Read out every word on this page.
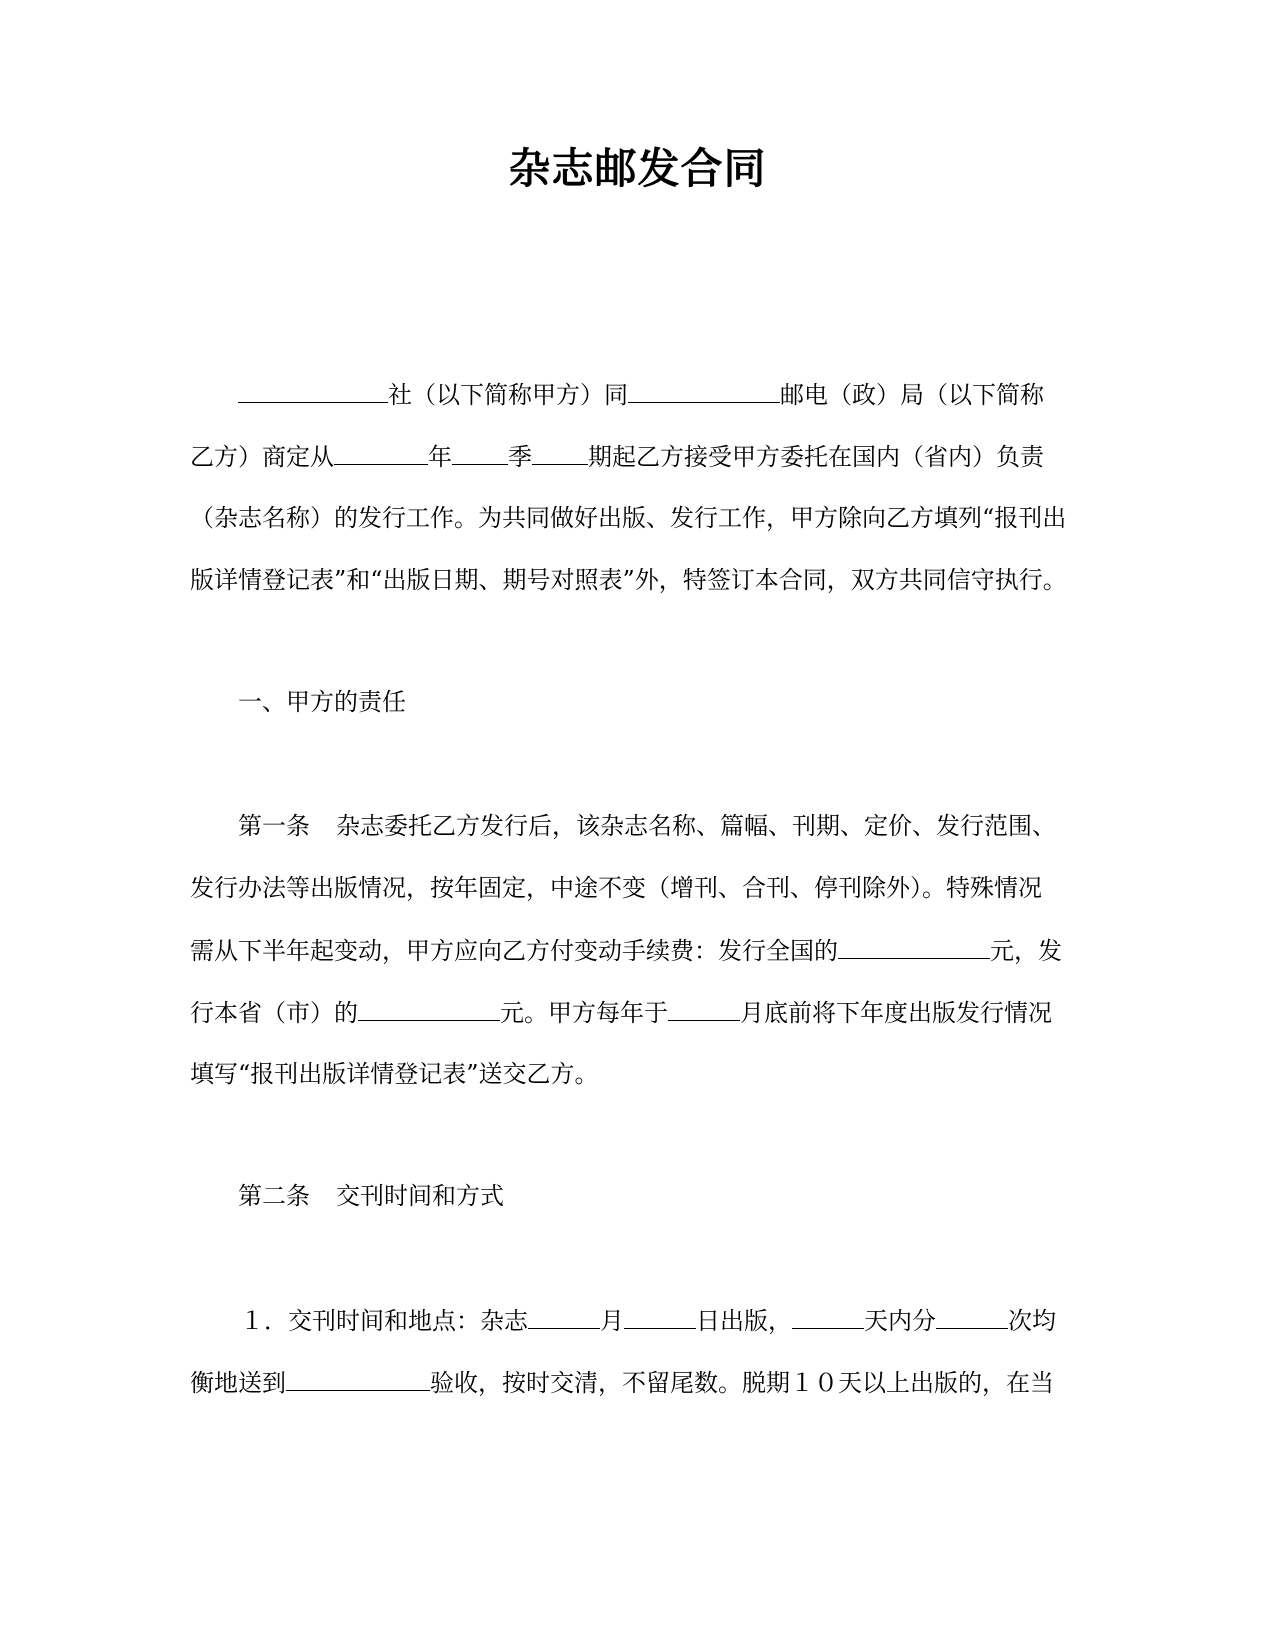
杂志邮发合同
社（以下简称甲方）同	邮电（政）局（以下简称
乙方）商定从	年 季 期起乙方接受甲方委托在国内（省内）负责
（杂志名称）的发行工作。为共同做好出版、发行工作，甲方除向乙方填列“报刊出
版详情登记表”和“出版日期、期号对照表”外，特签订本合同，双方共同信守执行。
一、甲方的责任
第一条 杂志委托乙方发行后，该杂志名称、篇幅、刊期、定价、发行范围、
发行办法等出版情况，按年固定，中途不变（增刊、合刊、停刊除外）。特殊情况
需从下半年起变动，甲方应向乙方付变动手续费：发行全国的	元，发
行本省（市）的	元。甲方每年于	月底前将下年度出版发行情况
填写“报刊出版详情登记表”送交乙方。
第二条 交刊时间和方式
１．交刊时间和地点：杂志	月	日出版，	天内分	次均
衡地送到	验收，按时交清，不留尾数。脱期１０天以上出版的，在当
